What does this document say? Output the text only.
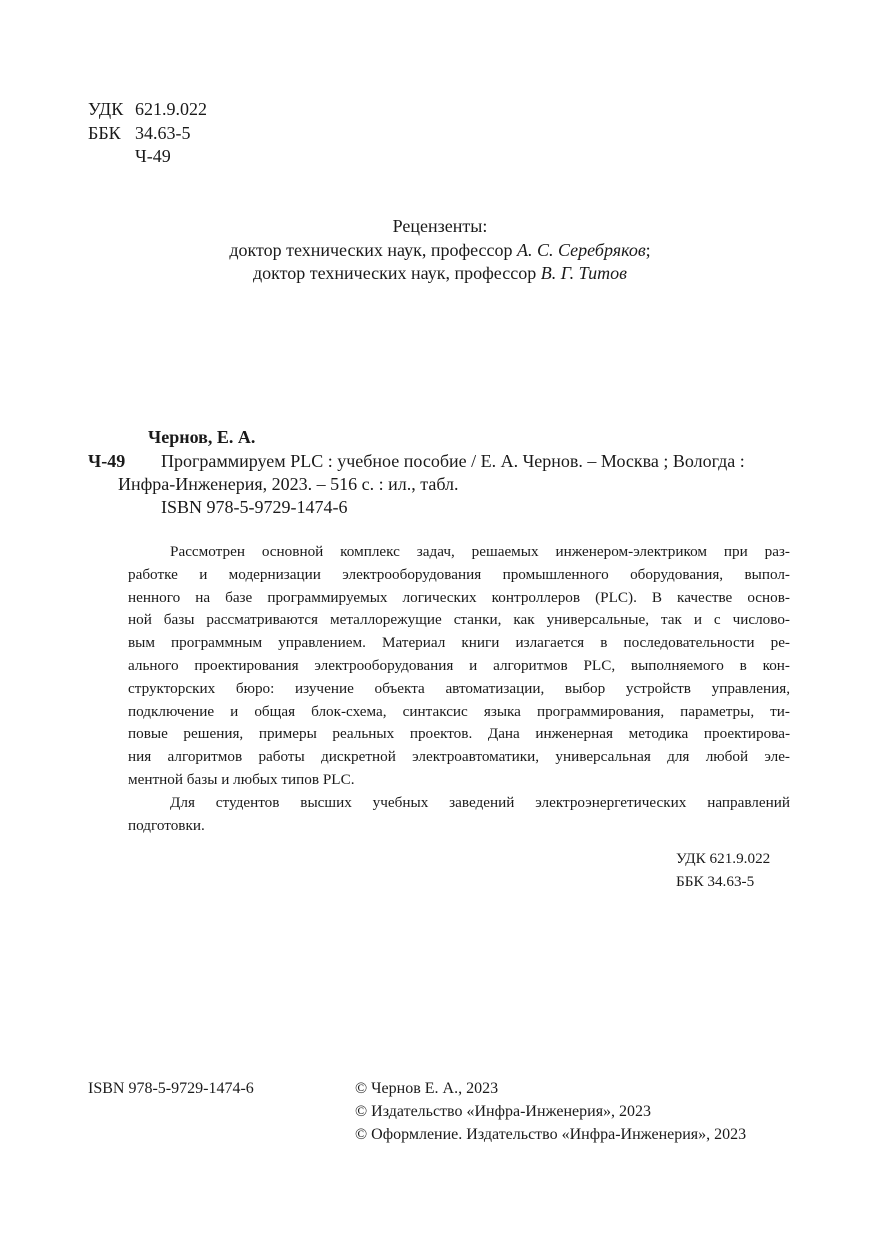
УДК 621.9.022
ББК 34.63-5
Ч-49
Рецензенты:
доктор технических наук, профессор А. С. Серебряков;
доктор технических наук, профессор В. Г. Титов
Чернов, Е. А.
Ч-49 Программируем PLC : учебное пособие / Е. А. Чернов. – Москва ; Вологда :
Инфра-Инженерия, 2023. – 516 с. : ил., табл.
ISBN 978-5-9729-1474-6
Рассмотрен основной комплекс задач, решаемых инженером-электриком при раз-
работке и модернизации электрооборудования промышленного оборудования, выпол-
ненного на базе программируемых логических контроллеров (PLC). В качестве основ-
ной базы рассматриваются металлорежущие станки, как универсальные, так и с числово-
вым программным управлением. Материал книги излагается в последовательности ре-
ального проектирования электрооборудования и алгоритмов PLC, выполняемого в кон-
структорских бюро: изучение объекта автоматизации, выбор устройств управления,
подключение и общая блок-схема, синтаксис языка программирования, параметры, ти-
повые решения, примеры реальных проектов. Дана инженерная методика проектирова-
ния алгоритмов работы дискретной электроавтоматики, универсальная для любой эле-
ментной базы и любых типов PLC.
Для студентов высших учебных заведений электроэнергетических направлений
подготовки.
УДК 621.9.022
ББК 34.63-5
ISBN 978-5-9729-1474-6	© Чернов Е. А., 2023
© Издательство «Инфра-Инженерия», 2023
© Оформление. Издательство «Инфра-Инженерия», 2023
